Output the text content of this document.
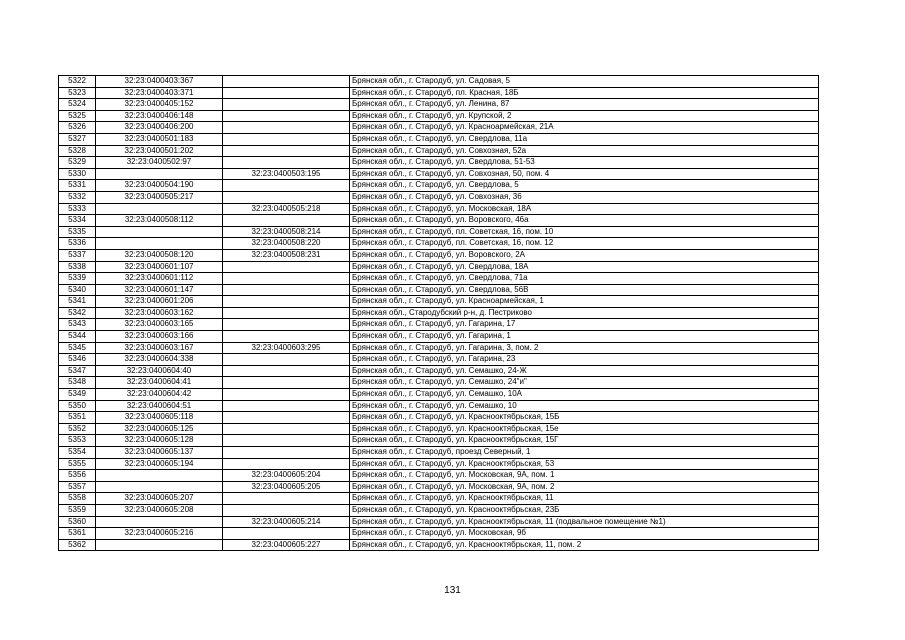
5322	32:23:0400403:367		Брянская обл., г. Стародуб, ул. Садовая, 5
5323	32:23:0400403:371		Брянская обл., г. Стародуб, пл. Красная, 18Б
5324	32:23:0400405:152		Брянская обл., г. Стародуб, ул. Ленина, 87
5325	32:23:0400406:148		Брянская обл., г. Стародуб, ул. Крупской, 2
5326	32:23:0400406:200		Брянская обл., г. Стародуб, ул. Красноармейская, 21А
5327	32:23:0400501:183		Брянская обл., г. Стародуб, ул. Свердлова, 11а
5328	32:23:0400501:202		Брянская обл., г. Стародуб, ул. Совхозная, 52а
5329	32:23:0400502:97		Брянская обл., г. Стародуб, ул. Свердлова, 51-53
5330		32:23:0400503:195	Брянская обл., г. Стародуб, ул. Совхозная, 50, пом. 4
5331	32:23:0400504:190		Брянская обл., г. Стародуб, ул. Свердлова, 5
5332	32:23:0400505:217		Брянская обл., г. Стародуб, ул. Совхозная, 36
5333		32:23:0400505:218	Брянская обл., г. Стародуб, ул. Московская, 18А
5334	32:23:0400508:112		Брянская обл., г. Стародуб, ул. Воровского, 46а
5335		32:23:0400508:214	Брянская обл., г. Стародуб, пл. Советская, 16, пом. 10
5336		32:23:0400508:220	Брянская обл., г. Стародуб, пл. Советская, 16, пом. 12
5337	32:23:0400508:120	32:23:0400508:231	Брянская обл., г. Стародуб, ул. Воровского, 2А
5338	32:23:0400601:107		Брянская обл., г. Стародуб, ул. Свердлова, 18А
5339	32:23:0400601:112		Брянская обл., г. Стародуб, ул. Свердлова, 71а
5340	32:23:0400601:147		Брянская обл., г. Стародуб, ул. Свердлова, 56В
5341	32:23:0400601:206		Брянская обл., г. Стародуб, ул. Красноармейская, 1
5342	32:23:0400603:162		Брянская обл., Стародубский р-н, д. Пестриково
5343	32:23:0400603:165		Брянская обл., г. Стародуб, ул. Гагарина, 17
5344	32:23:0400603:166		Брянская обл., г. Стародуб, ул. Гагарина, 1
5345	32:23:0400603:167	32:23:0400603:295	Брянская обл., г. Стародуб, ул. Гагарина, 3, пом. 2
5346	32:23:0400604:338		Брянская обл., г. Стародуб, ул. Гагарина, 23
5347	32:23:0400604:40		Брянская обл., г. Стародуб, ул. Семашко, 24-Ж
5348	32:23:0400604:41		Брянская обл., г. Стародуб, ул. Семашко, 24"и"
5349	32:23:0400604:42		Брянская обл., г. Стародуб, ул. Семашко, 10А
5350	32:23:0400604:51		Брянская обл., г. Стародуб, ул. Семашко, 10
5351	32:23:0400605:118		Брянская обл., г. Стародуб, ул. Краснооктябрьская, 15Б
5352	32:23:0400605:125		Брянская обл., г. Стародуб, ул. Краснооктябрьская, 15е
5353	32:23:0400605:128		Брянская обл., г. Стародуб, ул. Краснооктябрьская, 15Г
5354	32:23:0400605:137		Брянская обл., г. Стародуб, проезд Северный, 1
5355	32:23:0400605:194		Брянская обл., г. Стародуб, ул. Краснооктябрьская, 53
5356		32:23:0400605:204	Брянская обл., г. Стародуб, ул. Московская, 9А, пом. 1
5357		32:23:0400605:205	Брянская обл., г. Стародуб, ул. Московская, 9А, пом. 2
5358	32:23:0400605:207		Брянская обл., г. Стародуб, ул. Краснооктябрьская, 11
5359	32:23:0400605:208		Брянская обл., г. Стародуб, ул. Краснооктябрьская, 23Б
5360		32:23:0400605:214	Брянская обл., г. Стародуб, ул. Краснооктябрьская, 11 (подвальное помещение №1)
5361	32:23:0400605:216		Брянская обл., г. Стародуб, ул. Московская, 9б
5362		32:23:0400605:227	Брянская обл., г. Стародуб, ул. Краснооктябрьская, 11, пом. 2
131
